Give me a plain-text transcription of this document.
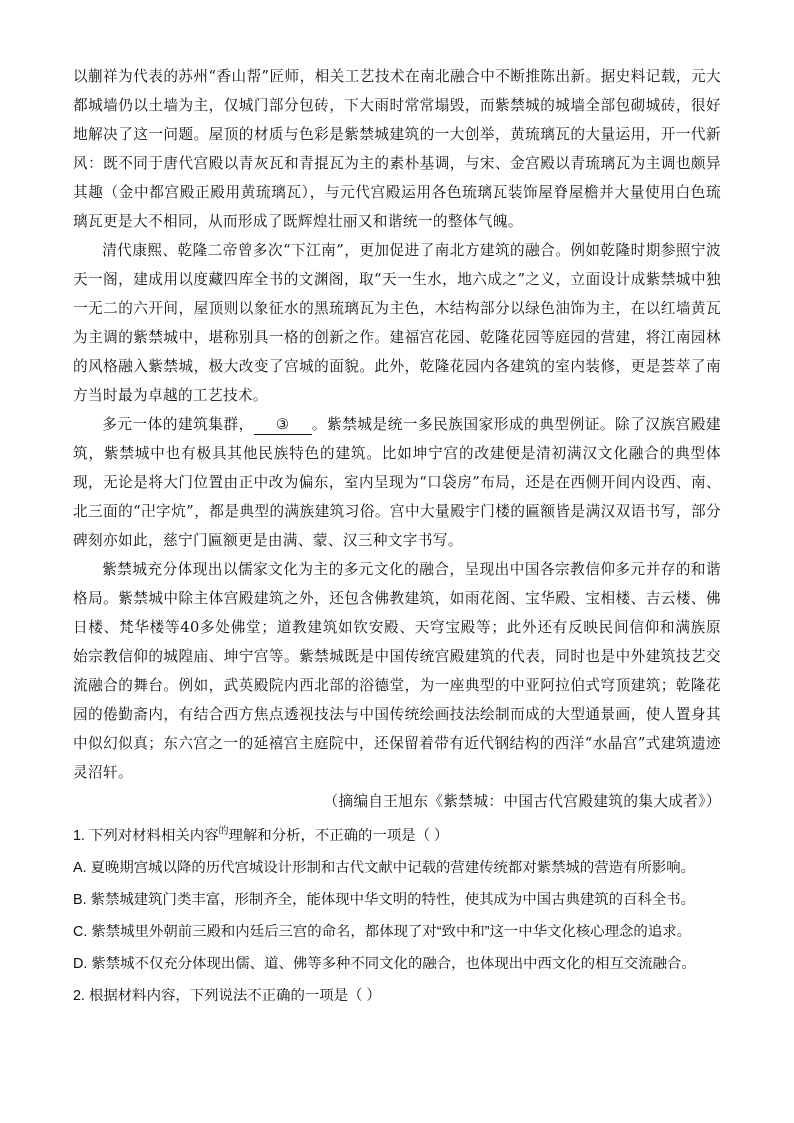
以蒯祥为代表的苏州“香山帮”匠师，相关工艺技术在南北融合中不断推陈出新。据史料记载，元大都城墙仍以土墙为主，仅城门部分包砖，下大雨时常常塌毁，而紫禁城的城墙全部包砌城砖，很好地解决了这一问题。屋顶的材质与色彩是紫禁城建筑的一大创举，黄琉璃瓦的大量运用，开一代新风：既不同于唐代宫殿以青灰瓦和青掍瓦为主的素朴基调，与宋、金宫殿以青琉璃瓦为主调也颇异其趣（金中都宫殿正殿用黄琉璃瓦），与元代宫殿运用各色琉璃瓦装饰屋脊屋檐并大量使用白色琉璃瓦更是大不相同，从而形成了既辉煌壮丽又和谐统一的整体气魄。

清代康熙、乾隆二帝曾多次“下江南”，更加促进了南北方建筑的融合。例如乾隆时期参照宁波天一阁，建成用以度藏四库全书的文渊阁，取“天一生水，地六成之”之义，立面设计成紫禁城中独一无二的六开间，屋顶则以象征水的黑琉璃瓦为主色，木结构部分以绿色油饰为主，在以红墙黄瓦为主调的紫禁城中，堪称别具一格的创新之作。建福宫花园、乾隆花园等庭园的营建，将江南园林的风格融入紫禁城，极大改变了宫城的面貌。此外，乾隆花园内各建筑的室内装修，更是荟萃了南方当时最为卓越的工艺技术。

多元一体的建筑集群， ③ 。紫禁城是统一多民族国家形成的典型例证。除了汉族宫殿建筑，紫禁城中也有极具其他民族特色的建筑。比如坤宁宫的改建便是清初满汉文化融合的典型体现，无论是将大门位置由正中改为偏东，室内呈现为“口袋房”布局，还是在西侧开间内设西、南、北三面的“卍字炕”，都是典型的满族建筑习俗。宫中大量殿宇门楼的匾额皆是满汉双语书写，部分碑刻亦如此，慈宁门匾额更是由满、蒙、汉三种文字书写。

紫禁城充分体现出以儒家文化为主的多元文化的融合，呈现出中国各宗教信仰多元并存的和谐格局。紫禁城中除主体宫殿建筑之外，还包含佛教建筑，如雨花阁、宝华殿、宝相楼、吉云楼、佛日楼、梵华楼等40多处佛堂；道教建筑如钦安殿、天穹宝殿等；此外还有反映民间信仰和满族原始宗教信仰的城隍庙、坤宁宫等。紫禁城既是中国传统宫殿建筑的代表，同时也是中外建筑技艺交流融合的舞台。例如，武英殿院内西北部的浴德堂，为一座典型的中亚阿拉伯式穹顶建筑；乾隆花园的倦勤斋内，有结合西方焦点透视技法与中国传统绘画技法绘制而成的大型通景画，使人置身其中似幻似真；东六宫之一的延禧宫主庭院中，还保留着带有近代钢结构的西洋“水晶宫”式建筑遗迹灵沼轩。

（摘编自王旭东《紫禁城：中国古代宫殿建筑的集大成者》）

1. 下列对材料相关内容$^的$理解和分析，不正确的一项是（ ）

A. 夏晚期宫城以降的历代宫城设计形制和古代文献中记载的营建传统都对紫禁城的营造有所影响。

B. 紫禁城建筑门类丰富，形制齐全，能体现中华文明的特性，使其成为中国古典建筑的百科全书。

C. 紫禁城里外朝前三殿和内廷后三宫的命名，都体现了对“致中和”这一中华文化核心理念的追求。

D. 紫禁城不仅充分体现出儒、道、佛等多种不同文化的融合，也体现出中西文化的相互交流融合。

2. 根据材料内容，下列说法不正确的一项是（ ）
